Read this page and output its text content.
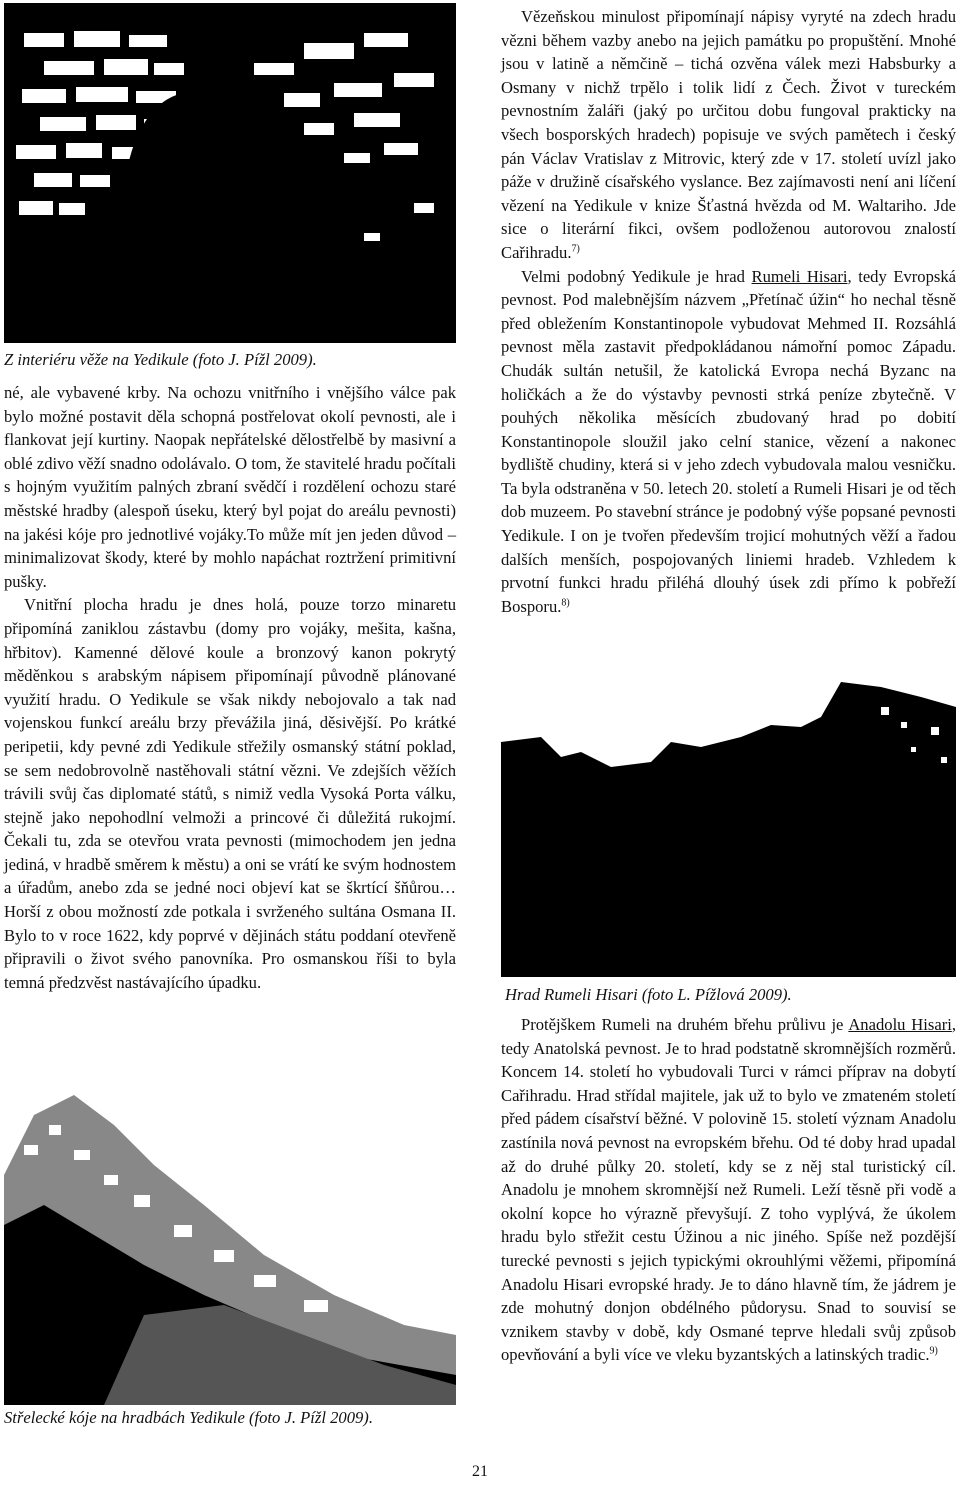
Z interiéru věže na Yedikule (foto J. Pížl 2009).

né, ale vybavené krby. Na ochozu vnitřního i vnějšího válce pak bylo možné postavit děla schopná postřelovat okolí pevnosti, ale i flankovat její kurtiny. Naopak nepřátelské dělostřelbě by masivní a oblé zdivo věží snadno odolávalo. O tom, že stavitelé hradu počítali s hojným využitím palných zbraní svědčí i rozdělení ochozu staré městské hradby (alespoň úseku, který byl pojat do areálu pevnosti) na jakési kóje pro jednotlivé vojáky.To může mít jen jeden důvod – minimalizovat škody, které by mohlo napáchat roztržení primitivní pušky.

Vnitřní plocha hradu je dnes holá, pouze torzo minaretu připomíná zaniklou zástavbu (domy pro vojáky, mešita, kašna, hřbitov). Kamenné dělové koule a bronzový kanon pokrytý měděnkou s arabským nápisem připomínají původně plánované využití hradu. O Yedikule se však nikdy nebojovalo a tak nad vojenskou funkcí areálu brzy převážila jiná, děsivější. Po krátké peripetii, kdy pevné zdi Yedikule střežily osmanský státní poklad, se sem nedobrovolně nastěhovali státní vězni. Ve zdejších věžích trávili svůj čas diplomaté států, s nimiž vedla Vysoká Porta válku, stejně jako nepohodlní velmoži a princové či důležitá rukojmí. Čekali tu, zda se otevřou vrata pevnosti (mimochodem jen jedna jediná, v hradbě směrem k městu) a oni se vrátí ke svým hodnostem a úřadům, anebo zda se jedné noci objeví kat se škrtící šňůrou… Horší z obou možností zde potkala i svrženého sultána Osmana II. Bylo to v roce 1622, kdy poprvé v dějinách státu poddaní otevřeně připravili o život svého panovníka. Pro osmanskou říši to byla temná předzvěst nastávajícího úpadku.

Střelecké kóje na hradbách Yedikule (foto J. Pížl 2009).

Vězeňskou minulost připomínají nápisy vyryté na zdech hradu vězni během vazby anebo na jejich památku po propuštění. Mnohé jsou v latině a němčině – tichá ozvěna válek mezi Habsburky a Osmany v nichž trpělo i tolik lidí z Čech. Život v tureckém pevnostním žaláři (jaký po určitou dobu fungoval prakticky na všech bosporských hradech) popisuje ve svých pamětech i český pán Václav Vratislav z Mitrovic, který zde v 17. století uvízl jako páže v družině císařského vyslance. Bez zajímavosti není ani líčení vězení na Yedikule v knize Šťastná hvězda od M. Waltariho. Jde sice o literární fikci, ovšem podloženou autorovou znalostí Cařihradu.$^{7)}$

Velmi podobný Yedikule je hrad Rumeli Hisari, tedy Evropská pevnost. Pod malebnějším názvem „Přetínač úžin“ ho nechal těsně před obležením Konstantinopole vybudovat Mehmed II. Rozsáhlá pevnost měla zastavit předpokládanou námořní pomoc Západu. Chudák sultán netušil, že katolická Evropa nechá Byzanc na holičkách a že do výstavby pevnosti strká peníze zbytečně. V pouhých několika měsících zbudovaný hrad po dobití Konstantinopole sloužil jako celní stanice, vězení a nakonec bydliště chudiny, která si v jeho zdech vybudovala malou vesničku. Ta byla odstraněna v 50. letech 20. století a Rumeli Hisari je od těch dob muzeem. Po stavební stránce je podobný výše popsané pevnosti Yedikule. I on je tvořen především trojicí mohutných věží a řadou dalších menších, pospojovaných liniemi hradeb. Vzhledem k prvotní funkci hradu přiléhá dlouhý úsek zdi přímo k pobřeží Bosporu.$^{8)}$

Hrad Rumeli Hisari (foto L. Pížlová 2009).

Protějškem Rumeli na druhém břehu průlivu je Anadolu Hisari, tedy Anatolská pevnost. Je to hrad podstatně skromnějších rozměrů. Koncem 14. století ho vybudovali Turci v rámci příprav na dobytí Cařihradu. Hrad střídal majitele, jak už to bylo ve zmateném století před pádem císařství běžné. V polovině 15. století význam Anadolu zastínila nová pevnost na evropském břehu. Od té doby hrad upadal až do druhé půlky 20. století, kdy se z něj stal turistický cíl. Anadolu je mnohem skromnější než Rumeli. Leží těsně při vodě a okolní kopce ho výrazně převyšují. Z toho vyplývá, že úkolem hradu bylo střežit cestu Úžinou a nic jiného. Spíše než pozdější turecké pevnosti s jejich typickými okrouhlými věžemi, připomíná Anadolu Hisari evropské hrady. Je to dáno hlavně tím, že jádrem je zde mohutný donjon obdélného půdorysu. Snad to souvisí se vznikem stavby v době, kdy Osmané teprve hledali svůj způsob opevňování a byli více ve vleku byzantských a latinských tradic.$^{9)}$

21
